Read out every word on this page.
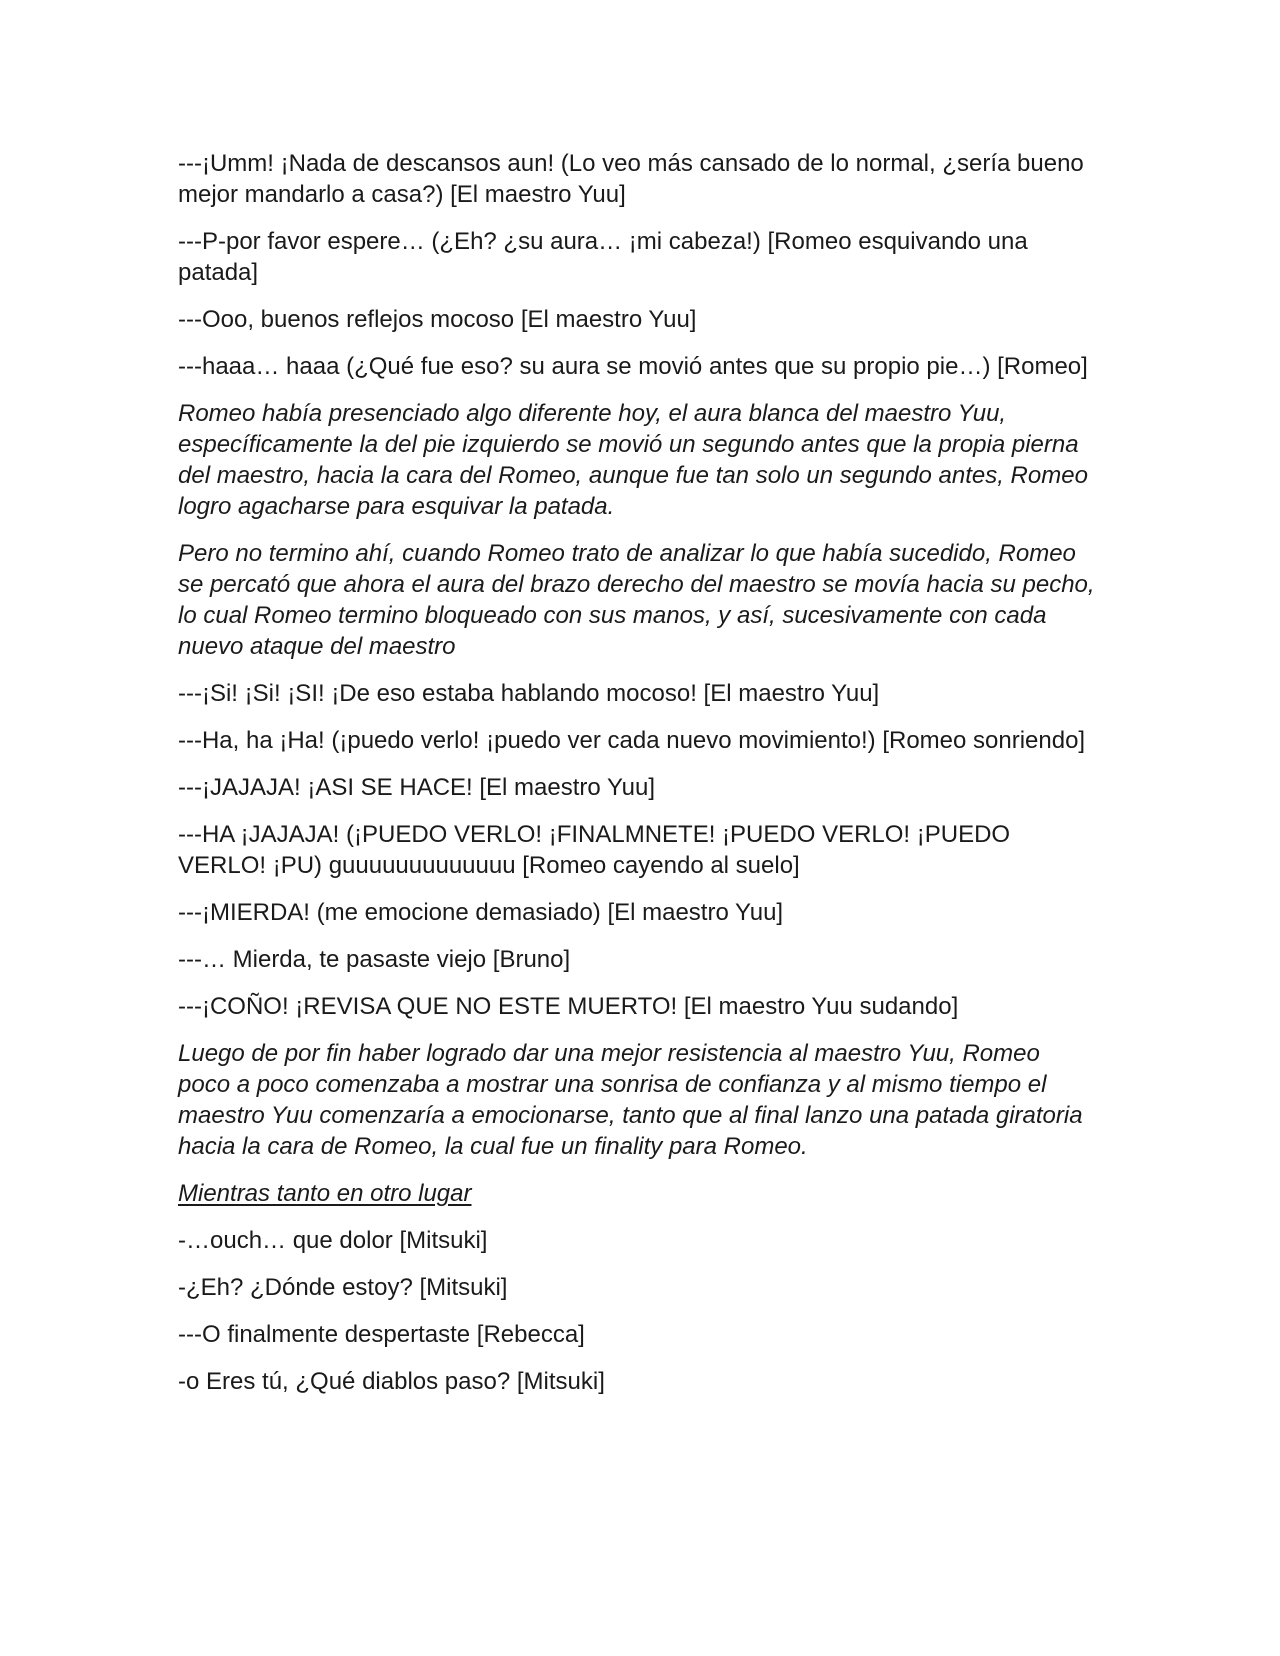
---¡Umm! ¡Nada de descansos aun! (Lo veo más cansado de lo normal, ¿sería bueno mejor mandarlo a casa?) [El maestro Yuu]

---P-por favor espere… (¿Eh? ¿su aura… ¡mi cabeza!) [Romeo esquivando una patada]

---Ooo, buenos reflejos mocoso [El maestro Yuu]

---haaa… haaa (¿Qué fue eso? su aura se movió antes que su propio pie…) [Romeo]

Romeo había presenciado algo diferente hoy, el aura blanca del maestro Yuu, específicamente la del pie izquierdo se movió un segundo antes que la propia pierna del maestro, hacia la cara del Romeo, aunque fue tan solo un segundo antes, Romeo logro agacharse para esquivar la patada.

Pero no termino ahí, cuando Romeo trato de analizar lo que había sucedido, Romeo se percató que ahora el aura del brazo derecho del maestro se movía hacia su pecho, lo cual Romeo termino bloqueado con sus manos, y así, sucesivamente con cada nuevo ataque del maestro

---¡Si! ¡Si! ¡SI! ¡De eso estaba hablando mocoso! [El maestro Yuu]

---Ha, ha ¡Ha! (¡puedo verlo! ¡puedo ver cada nuevo movimiento!) [Romeo sonriendo]

---¡JAJAJA! ¡ASI SE HACE! [El maestro Yuu]

---HA ¡JAJAJA! (¡PUEDO VERLO! ¡FINALMNETE! ¡PUEDO VERLO! ¡PUEDO VERLO! ¡PU) guuuuuuuuuuuuu [Romeo cayendo al suelo]

---¡MIERDA! (me emocione demasiado) [El maestro Yuu]

---… Mierda, te pasaste viejo [Bruno]

---¡COÑO! ¡REVISA QUE NO ESTE MUERTO! [El maestro Yuu sudando]

Luego de por fin haber logrado dar una mejor resistencia al maestro Yuu, Romeo poco a poco comenzaba a mostrar una sonrisa de confianza y al mismo tiempo el maestro Yuu comenzaría a emocionarse, tanto que al final lanzo una patada giratoria hacia la cara de Romeo, la cual fue un finality para Romeo.

Mientras tanto en otro lugar

-…ouch… que dolor [Mitsuki]

-¿Eh? ¿Dónde estoy? [Mitsuki]

---O finalmente despertaste [Rebecca]

-o Eres tú, ¿Qué diablos paso? [Mitsuki]
